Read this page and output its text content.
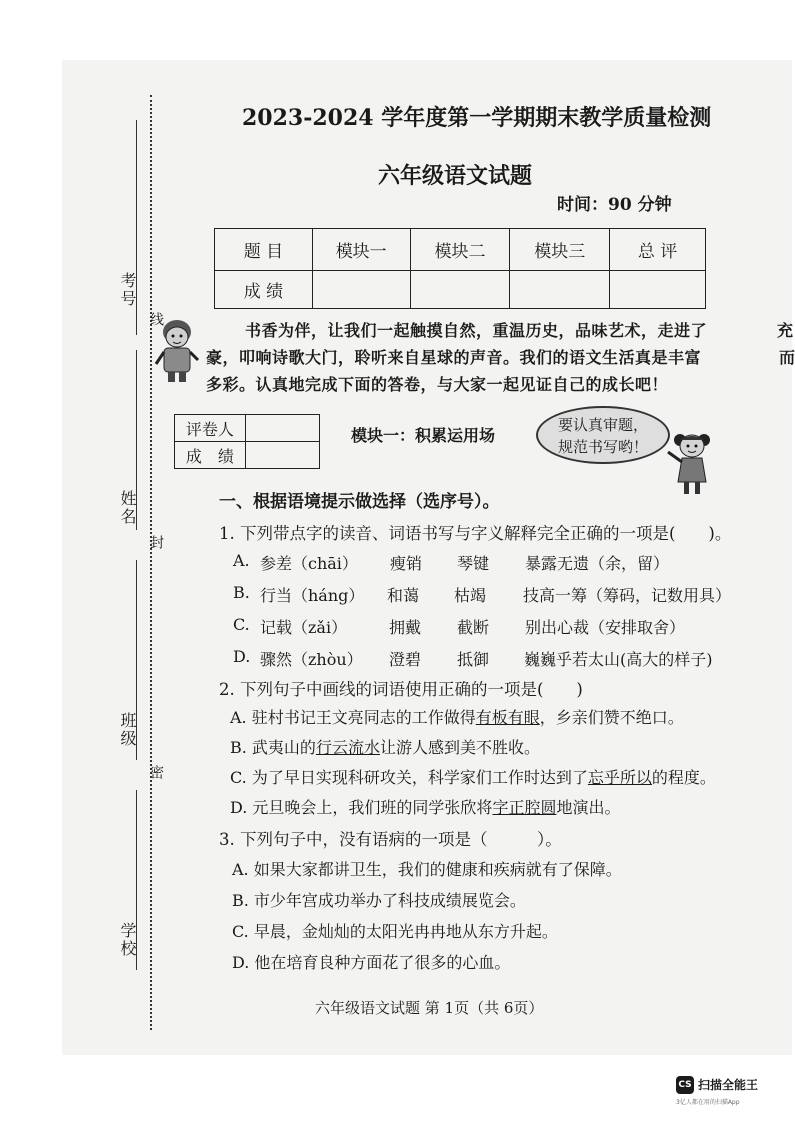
考号
线
姓名
封
班级
密
学校
2023-2024 学年度第一学期期末教学质量检测
六年级语文试题
时间：90 分钟
题 目	模块一	模块二	模块三	总 评
成 绩				
书香为伴，让我们一起触摸自然，重温历史，品味艺术，走进了	充
豪，叩响诗歌大门，聆听来自星球的声音。我们的语文生活真是丰富	而
多彩。认真地完成下面的答卷，与大家一起见证自己的成长吧！
评卷人	
成　绩	
模块一：积累运用场
要认真审题，
规范书写哟！
一、根据语境提示做选择（选序号）。
1. 下列带点字的读音、词语书写与字义解释完全正确的一项是(　　)。
A. 参差（chāi） 瘦销 琴键 暴露无遗（余，留）
B. 行当（háng） 和蔼 枯竭 技高一筹（筹码，记数用具）
C. 记载（zǎi）	拥戴 截断 别出心裁（安排取舍）
D. 骤然（zhòu） 澄碧 抵御 巍巍乎若太山(高大的样子)
2. 下列句子中画线的词语使用正确的一项是(　　)
A. 驻村书记王文亮同志的工作做得有板有眼，乡亲们赞不绝口。
B. 武夷山的行云流水让游人感到美不胜收。
C. 为了早日实现科研攻关，科学家们工作时达到了忘乎所以的程度。
D. 元旦晚会上，我们班的同学张欣将字正腔圆地演出。
3. 下列句子中，没有语病的一项是（　　　）。
A. 如果大家都讲卫生，我们的健康和疾病就有了保障。
B. 市少年宫成功举办了科技成绩展览会。
C. 早晨，金灿灿的太阳光冉冉地从东方升起。
D. 他在培育良种方面花了很多的心血。
六年级语文试题 第 1页（共 6页）
CS 扫描全能王
3亿人都在用的扫描App
